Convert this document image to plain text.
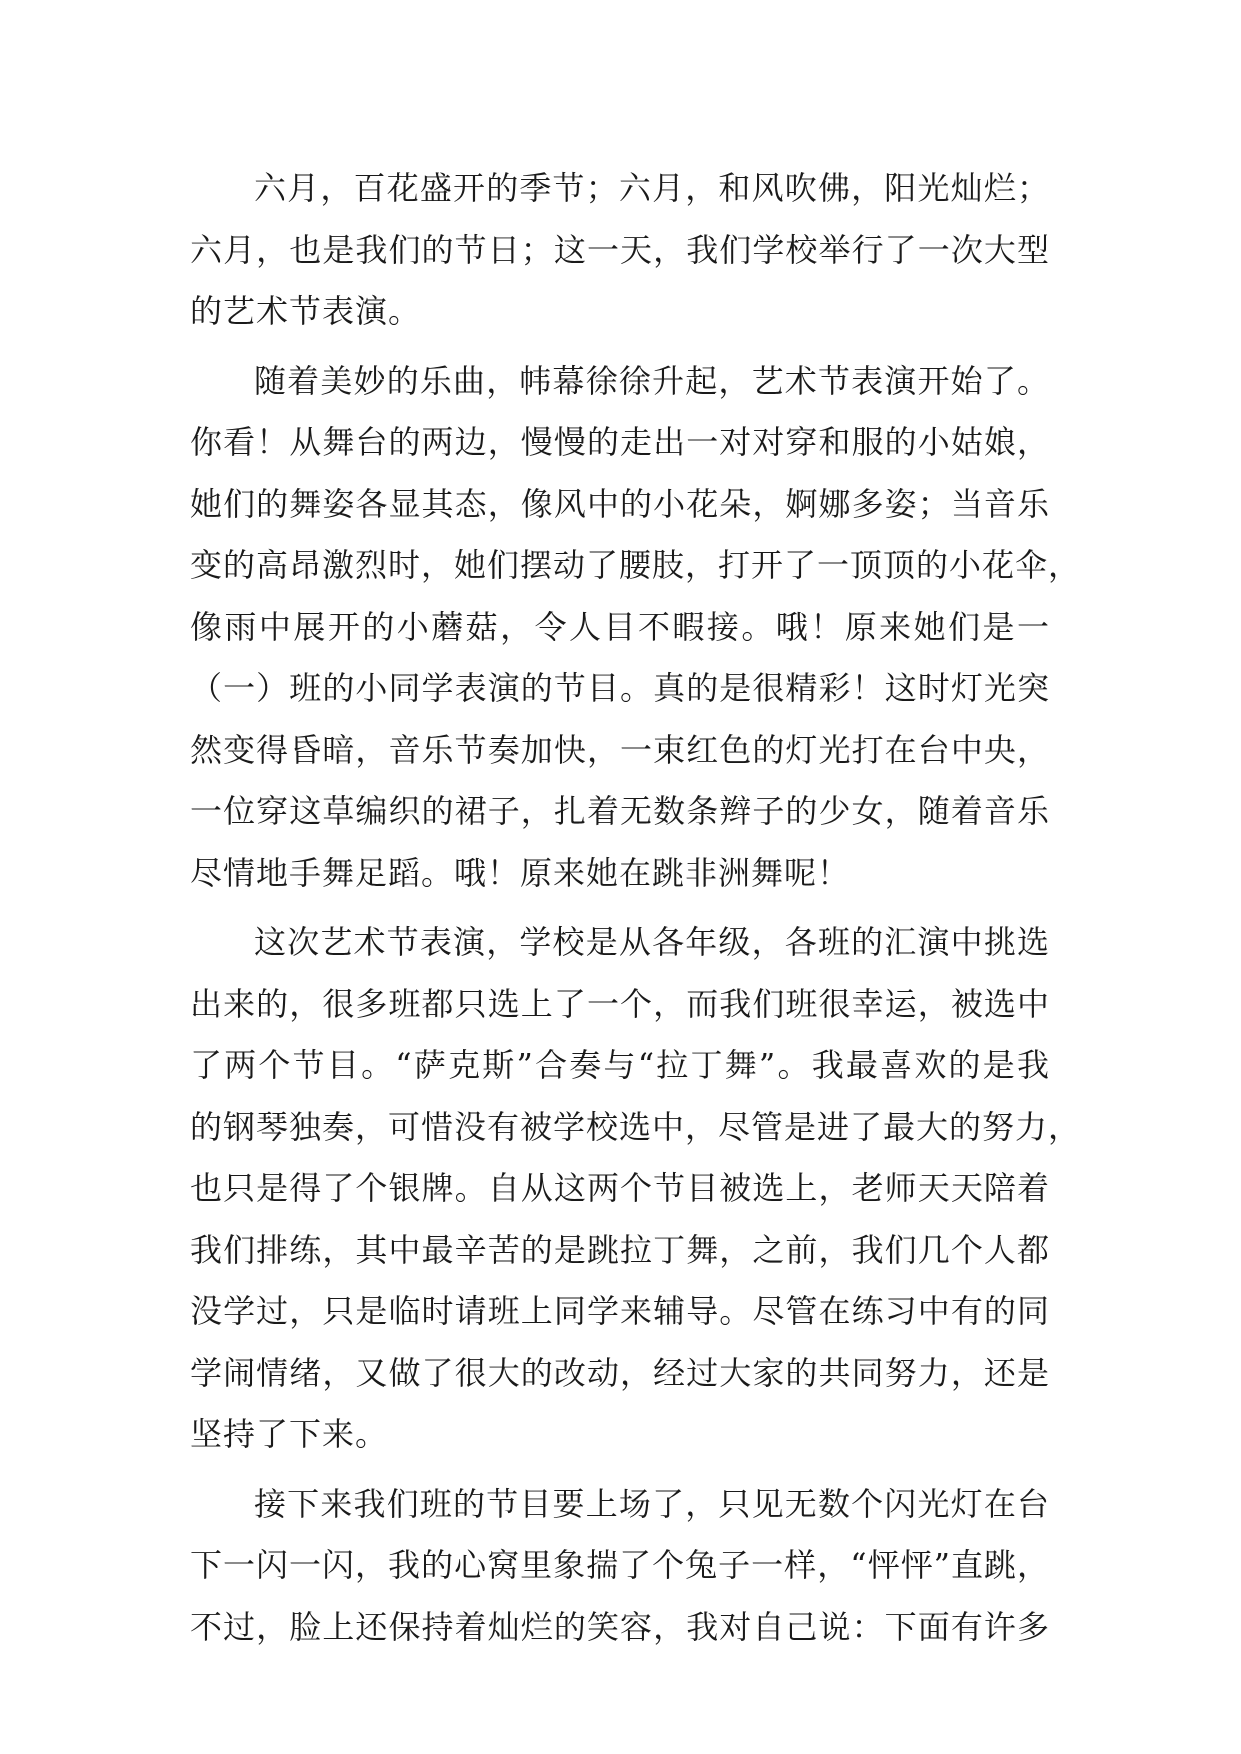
六月，百花盛开的季节；六月，和风吹佛，阳光灿烂；
六月，也是我们的节日；这一天，我们学校举行了一次大型
的艺术节表演。
随着美妙的乐曲，帏幕徐徐升起，艺术节表演开始了。
你看！从舞台的两边，慢慢的走出一对对穿和服的小姑娘，
她们的舞姿各显其态，像风中的小花朵，婀娜多姿；当音乐
变的高昂激烈时，她们摆动了腰肢，打开了一顶顶的小花伞，
像雨中展开的小蘑菇，令人目不暇接。哦！原来她们是一
（一）班的小同学表演的节目。真的是很精彩！这时灯光突
然变得昏暗，音乐节奏加快，一束红色的灯光打在台中央，
一位穿这草编织的裙子，扎着无数条辫子的少女，随着音乐
尽情地手舞足蹈。哦！原来她在跳非洲舞呢！
这次艺术节表演，学校是从各年级，各班的汇演中挑选
出来的，很多班都只选上了一个，而我们班很幸运，被选中
了两个节目。“萨克斯”合奏与“拉丁舞”。我最喜欢的是我
的钢琴独奏，可惜没有被学校选中，尽管是进了最大的努力，
也只是得了个银牌。自从这两个节目被选上，老师天天陪着
我们排练，其中最辛苦的是跳拉丁舞，之前，我们几个人都
没学过，只是临时请班上同学来辅导。尽管在练习中有的同
学闹情绪，又做了很大的改动，经过大家的共同努力，还是
坚持了下来。
接下来我们班的节目要上场了，只见无数个闪光灯在台
下一闪一闪，我的心窝里象揣了个兔子一样，“怦怦”直跳，
不过，脸上还保持着灿烂的笑容，我对自己说：下面有许多
